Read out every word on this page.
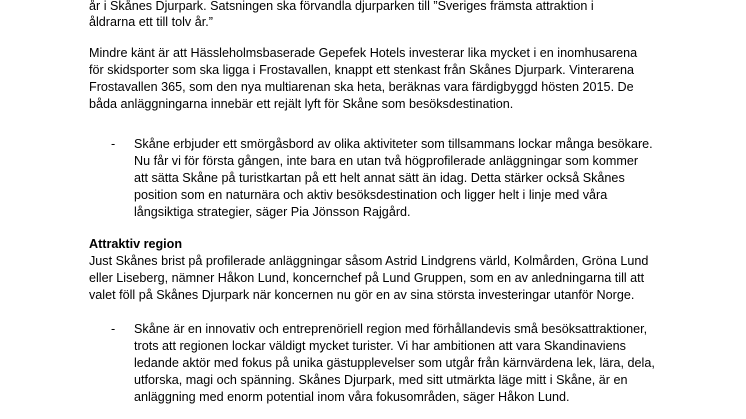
år i Skånes Djurpark. Satsningen ska förvandla djurparken till ”Sveriges främsta attraktion i
åldrarna ett till tolv år.”
Mindre känt är att Hässleholmsbaserade Gepefek Hotels investerar lika mycket i en inomhusarena
för skidsporter som ska ligga i Frostavallen, knappt ett stenkast från Skånes Djurpark. Vinterarena
Frostavallen 365, som den nya multiarenan ska heta, beräknas vara färdigbyggd hösten 2015. De
båda anläggningarna innebär ett rejält lyft för Skåne som besöksdestination.
- Skåne erbjuder ett smörgåsbord av olika aktiviteter som tillsammans lockar många besökare.
Nu får vi för första gången, inte bara en utan två högprofilerade anläggningar som kommer
att sätta Skåne på turistkartan på ett helt annat sätt än idag. Detta stärker också Skånes
position som en naturnära och aktiv besöksdestination och ligger helt i linje med våra
långsiktiga strategier, säger Pia Jönsson Rajgård.
Attraktiv region
Just Skånes brist på profilerade anläggningar såsom Astrid Lindgrens värld, Kolmården, Gröna Lund
eller Liseberg, nämner Håkon Lund, koncernchef på Lund Gruppen, som en av anledningarna till att
valet föll på Skånes Djurpark när koncernen nu gör en av sina största investeringar utanför Norge.
- Skåne är en innovativ och entreprenöriell region med förhållandevis små besöksattraktioner,
trots att regionen lockar väldigt mycket turister. Vi har ambitionen att vara Skandinaviens
ledande aktör med fokus på unika gästupplevelser som utgår från kärnvärdena lek, lära, dela,
utforska, magi och spänning. Skånes Djurpark, med sitt utmärkta läge mitt i Skåne, är en
anläggning med enorm potential inom våra fokusområden, säger Håkon Lund.
